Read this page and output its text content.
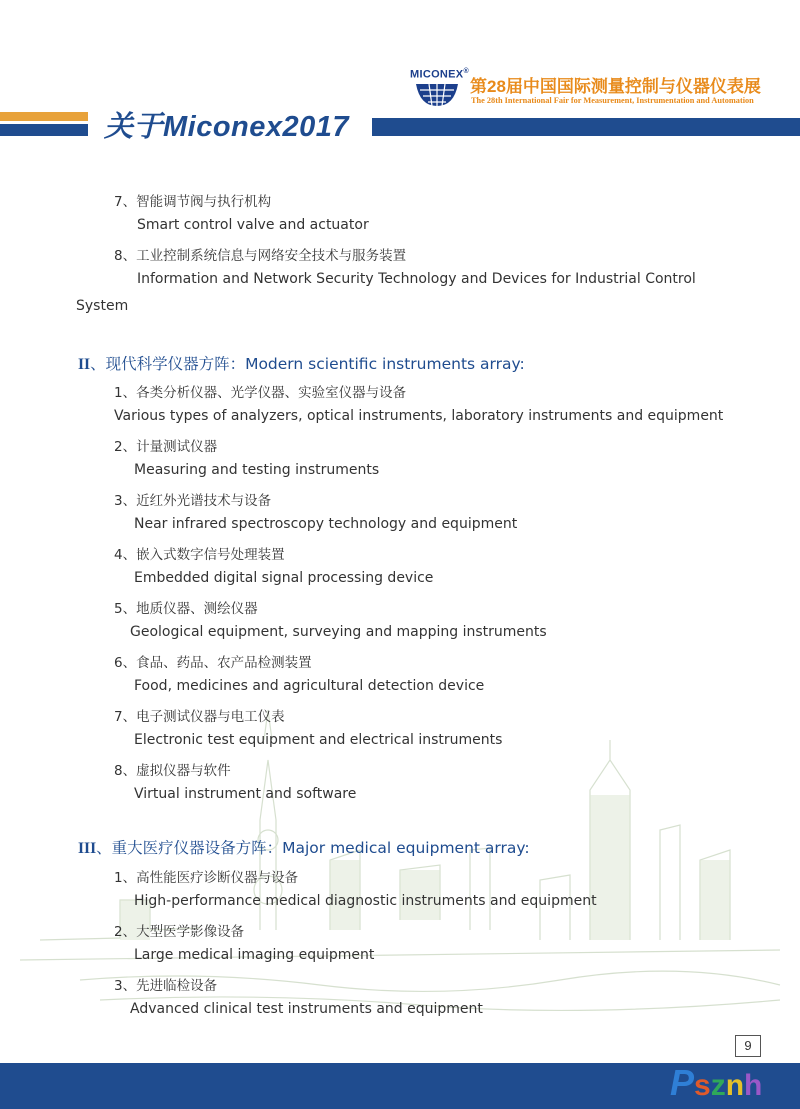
MICONEX®
第28届中国国际测量控制与仪器仪表展
The 28th International Fair for Measurement, Instrumentation and Automation
关于Miconex2017
7、智能调节阀与执行机构
Smart control valve and actuator
8、工业控制系统信息与网络安全技术与服务装置
Information and Network Security Technology and Devices for Industrial Control
System
II、现代科学仪器方阵：Modern scientific instruments array:
1、各类分析仪器、光学仪器、实验室仪器与设备
Various types of analyzers, optical instruments, laboratory instruments and equipment
2、计量测试仪器
Measuring and testing instruments
3、近红外光谱技术与设备
Near infrared spectroscopy technology and equipment
4、嵌入式数字信号处理装置
Embedded digital signal processing device
5、地质仪器、测绘仪器
Geological equipment, surveying and mapping instruments
6、食品、药品、农产品检测装置
Food, medicines and agricultural detection device
7、电子测试仪器与电工仪表
Electronic test equipment and electrical instruments
8、虚拟仪器与软件
Virtual instrument and software
III、重大医疗仪器设备方阵：Major medical equipment array:
1、高性能医疗诊断仪器与设备
High-performance medical diagnostic instruments and equipment
2、大型医学影像设备
Large medical imaging equipment
3、先进临检设备
Advanced clinical test instruments and equipment
9
Psznh
